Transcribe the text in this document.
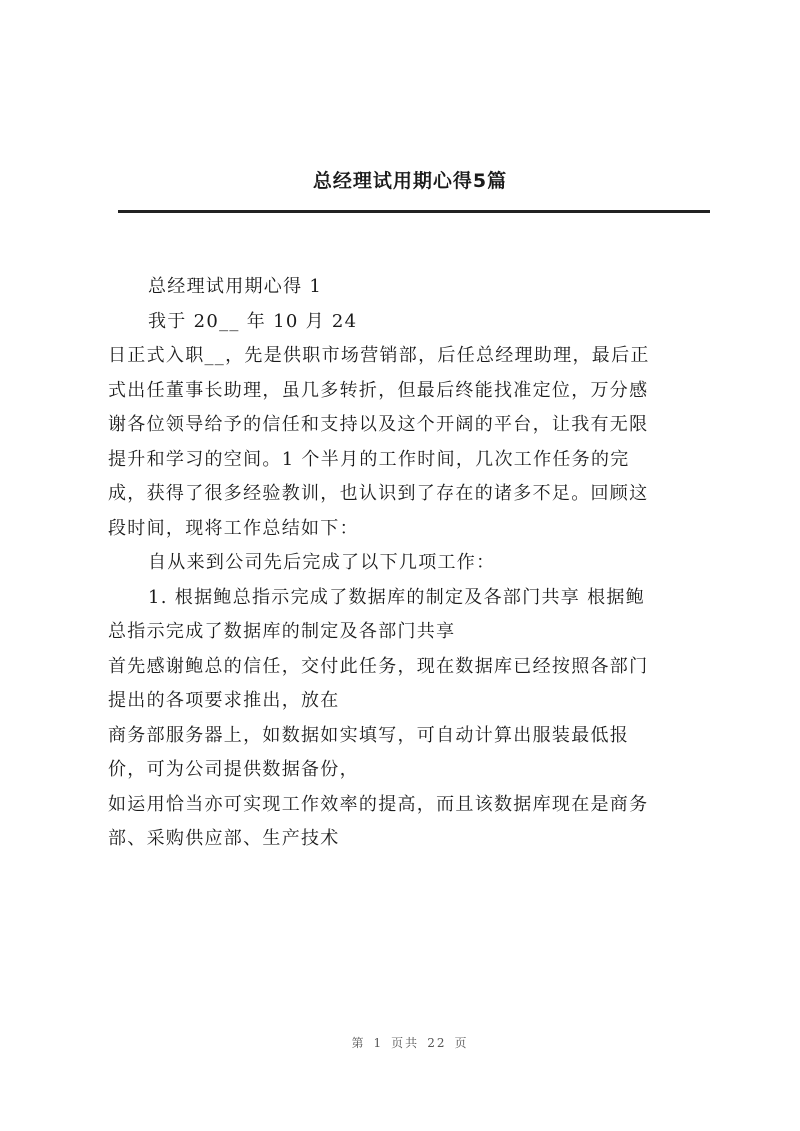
总经理试用期心得5篇
总经理试用期心得 1
我于 20__ 年 10 月 24
日正式入职__，先是供职市场营销部，后任总经理助理，最后正
式出任董事长助理，虽几多转折，但最后终能找准定位，万分感
谢各位领导给予的信任和支持以及这个开阔的平台，让我有无限
提升和学习的空间。1 个半月的工作时间，几次工作任务的完
成，获得了很多经验教训，也认识到了存在的诸多不足。回顾这
段时间，现将工作总结如下：
自从来到公司先后完成了以下几项工作：
1. 根据鲍总指示完成了数据库的制定及各部门共享 根据鲍
总指示完成了数据库的制定及各部门共享
首先感谢鲍总的信任，交付此任务，现在数据库已经按照各部门
提出的各项要求推出，放在
商务部服务器上，如数据如实填写，可自动计算出服装最低报
价，可为公司提供数据备份，
如运用恰当亦可实现工作效率的提高，而且该数据库现在是商务
部、采购供应部、生产技术
第 1 页共 22 页
